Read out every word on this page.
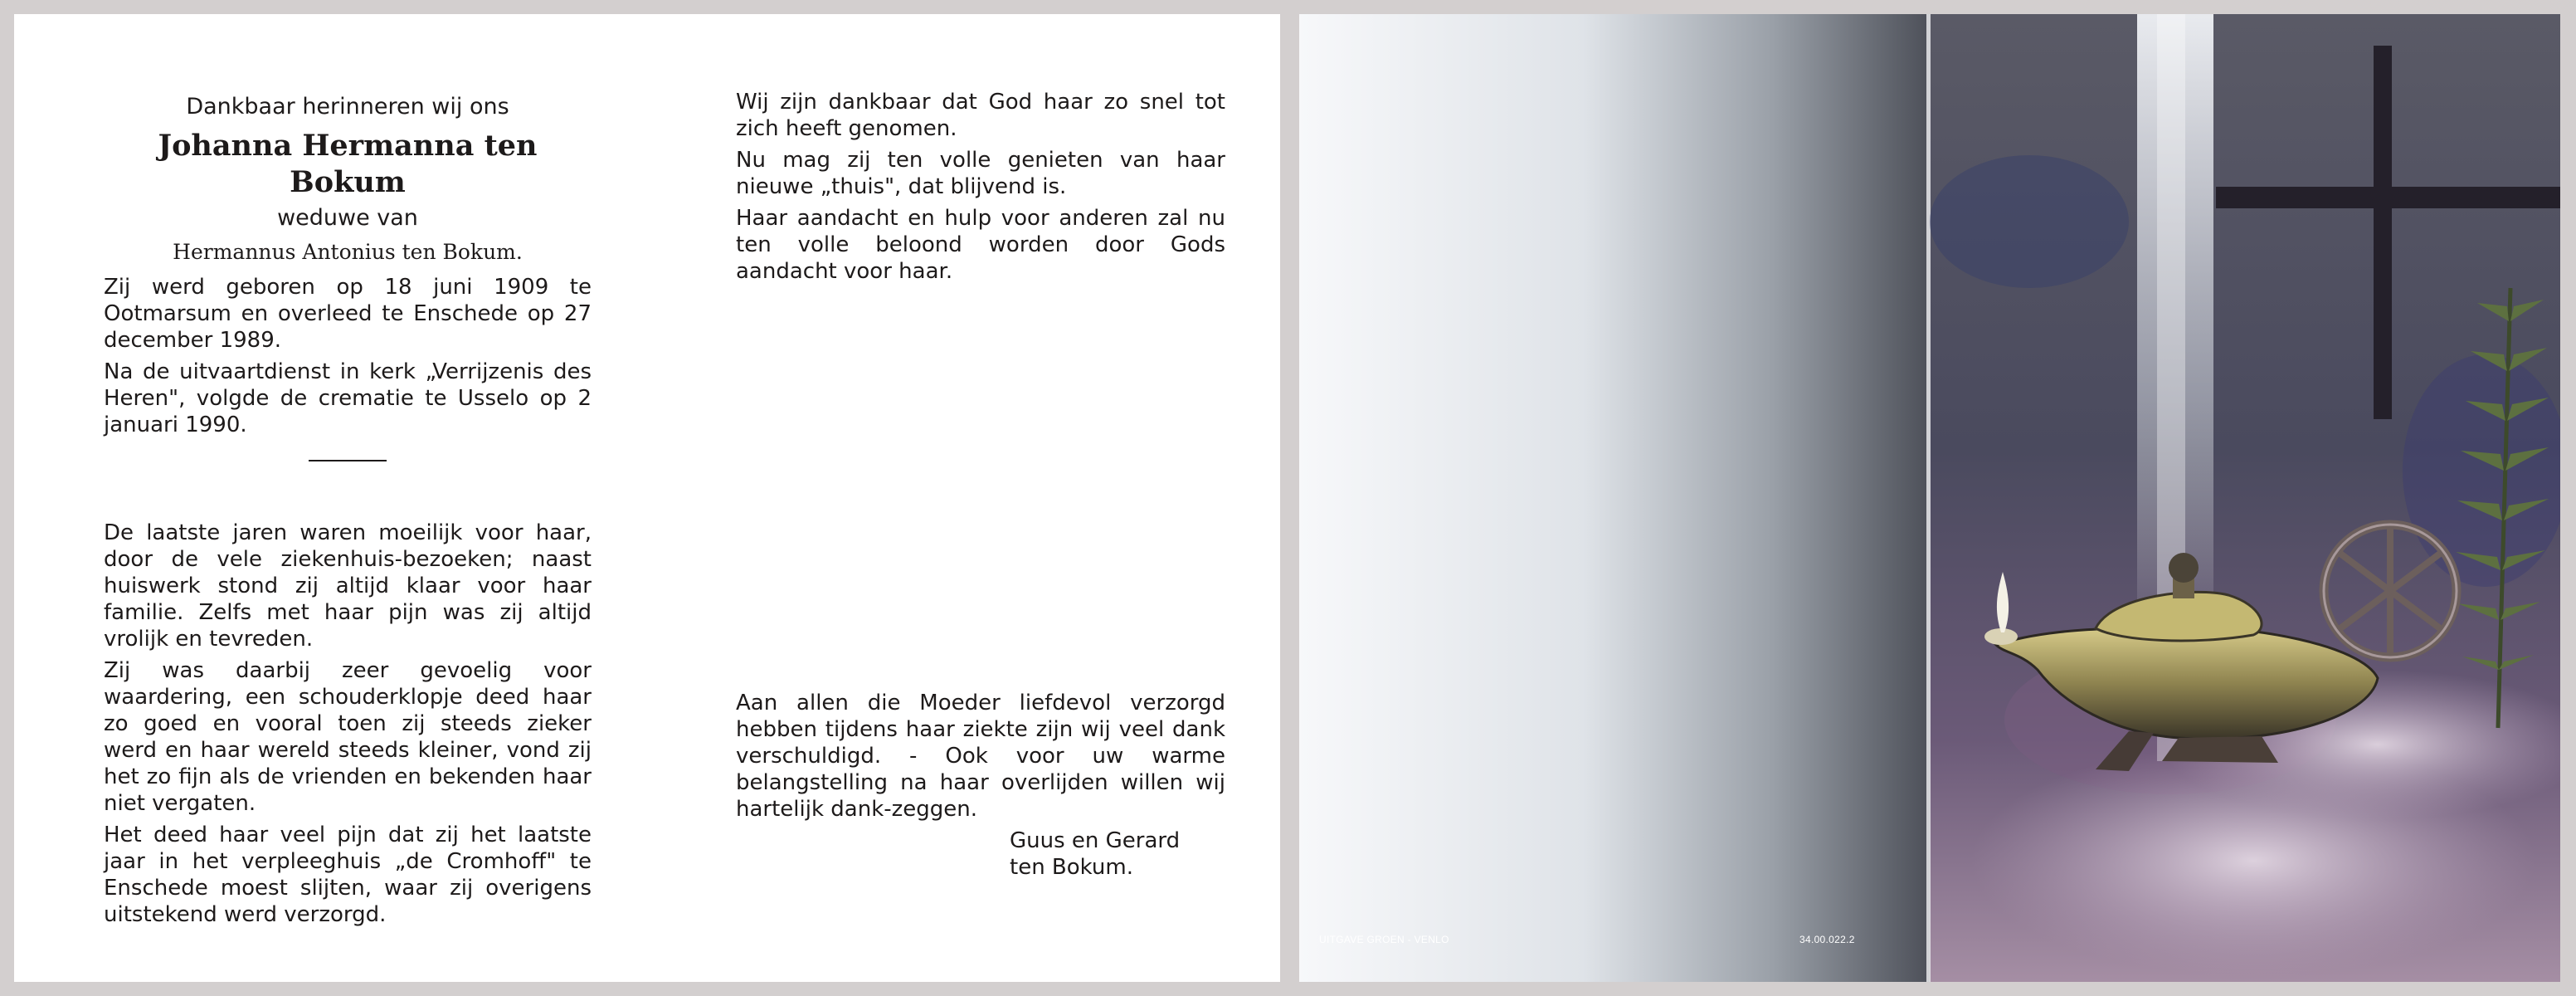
Dankbaar herinneren wij ons

Johanna Hermanna ten Bokum

weduwe van

Hermannus Antonius ten Bokum.

Zij werd geboren op 18 juni 1909 te Ootmarsum en overleed te Enschede op 27 december 1989.

Na de uitvaartdienst in kerk „Verrijzenis des Heren", volgde de crematie te Usselo op 2 januari 1990.

De laatste jaren waren moeilijk voor haar, door de vele ziekenhuis-bezoeken; naast huiswerk stond zij altijd klaar voor haar familie. Zelfs met haar pijn was zij altijd vrolijk en tevreden.

Zij was daarbij zeer gevoelig voor waardering, een schouderklopje deed haar zo goed en vooral toen zij steeds zieker werd en haar wereld steeds kleiner, vond zij het zo fijn als de vrienden en bekenden haar niet vergaten.

Het deed haar veel pijn dat zij het laatste jaar in het verpleeghuis „de Cromhoff" te Enschede moest slijten, waar zij overigens uitstekend werd verzorgd.

Wij zijn dankbaar dat God haar zo snel tot zich heeft genomen.

Nu mag zij ten volle genieten van haar nieuwe „thuis", dat blijvend is.

Haar aandacht en hulp voor anderen zal nu ten volle beloond worden door Gods aandacht voor haar.

Aan allen die Moeder liefdevol verzorgd hebben tijdens haar ziekte zijn wij veel dank verschuldigd. - Ook voor uw warme belangstelling na haar overlijden willen wij hartelijk dank-zeggen.

Guus en Gerard
ten Bokum.
UITGAVE GROEN - VENLO	34.00.022.2
